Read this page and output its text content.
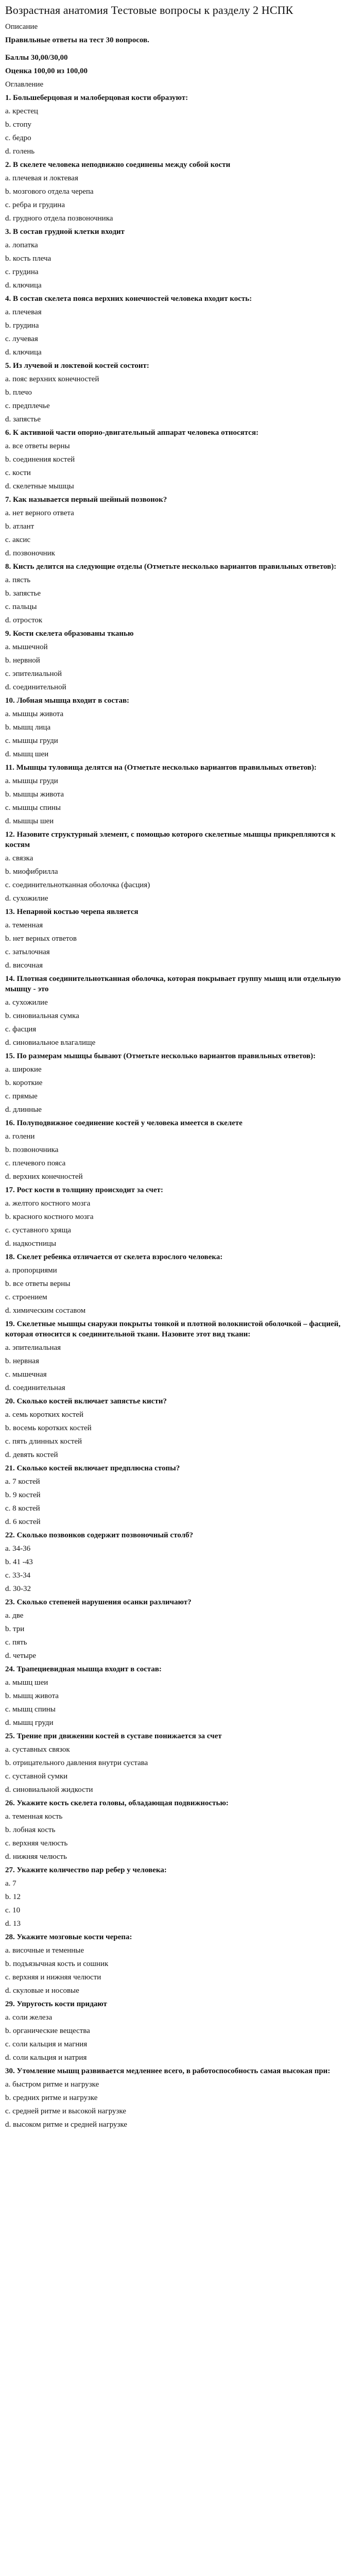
Возрастная анатомия Тестовые вопросы к разделу 2 НСПК

Описание

Правильные ответы на тест 30 вопросов.

Баллы 30,00/30,00

Оценка 100,00 из 100,00

Оглавление

1. Большеберцовая и малоберцовая кости образуют:

a. крестец

b. стопу

c. бедро

d. голень

2. В скелете человека неподвижно соединены между собой кости

a. плечевая и локтевая

b. мозгового отдела черепа

c. ребра и грудина

d. грудного отдела позвоночника

3. В состав грудной клетки входит

a. лопатка

b. кость плеча

c. грудина

d. ключица

4. В состав скелета пояса верхних конечностей человека входит кость:

a. плечевая

b. грудина

c. лучевая

d. ключица

5. Из лучевой и локтевой костей состоит:

a. пояс верхних конечностей

b. плечо

c. предплечье

d. запястье

6. К активной части опорно-двигательный аппарат человека относятся:

a. все ответы верны

b. соединения костей

c. кости

d. скелетные мышцы

7. Как называется первый шейный позвонок?

a. нет верного ответа

b. атлант

c. аксис

d. позвоночник

8. Кисть делится на следующие отделы (Отметьте несколько вариантов правильных ответов):

a. пясть

b. запястье

c. пальцы

d. отросток

9. Кости скелета образованы тканью

a. мышечной

b. нервной

c. эпителиальной

d. соединительной

10. Лобная мышца входит в состав:

a. мышцы живота

b. мышц лица

c. мышцы груди

d. мышц шеи

11. Мышцы туловища делятся на (Отметьте несколько вариантов правильных ответов):

a. мышцы груди

b. мышцы живота

c. мышцы спины

d. мышцы шеи

12. Назовите структурный элемент, с помощью которого скелетные мышцы прикрепляются к костям

a. связка

b. миофибрилла

c. соединительнотканная оболочка (фасция)

d. сухожилие

13. Непарной костью черепа является

a. теменная

b. нет верных ответов

c. затылочная

d. височная

14. Плотная соединительнотканная оболочка, которая покрывает группу мышц или отдельную мышцу - это

a. сухожилие

b. синовиальная сумка

c. фасция

d. синовиальное влагалище

15. По размерам мышцы бывают (Отметьте несколько вариантов правильных ответов):

a. широкие

b. короткие

c. прямые

d. длинные

16. Полуподвижное соединение костей у человека имеется в скелете

a. голени

b. позвоночника

c. плечевого пояса

d. верхних конечностей

17. Рост кости в толщину происходит за счет:

a. желтого костного мозга

b. красного костного мозга

c. суставного хряща

d. надкостницы

18. Скелет ребенка отличается от скелета взрослого человека:

a. пропорциями

b. все ответы верны

c. строением

d. химическим составом

19. Скелетные мышцы снаружи покрыты тонкой и плотной волокнистой оболочкой – фасцией, которая относится к соединительной ткани. Назовите этот вид ткани:

a. эпителиальная

b. нервная

c. мышечная

d. соединительная

20. Сколько костей включает запястье кисти?

a. семь коротких костей

b. восемь коротких костей

c. пять длинных костей

d. девять костей

21. Сколько костей включает предплюсна стопы?

a. 7 костей

b. 9 костей

c. 8 костей

d. 6 костей

22. Сколько позвонков содержит позвоночный столб?

a. 34-36

b. 41 -43

c. 33-34

d. 30-32

23. Сколько степеней нарушения осанки различают?

a. две

b. три

c. пять

d. четыре

24. Трапециевидная мышца входит в состав:

a. мышц шеи

b. мышц живота

c. мышц спины

d. мышц груди

25. Трение при движении костей в суставе понижается за счет

a. суставных связок

b. отрицательного давления внутри сустава

c. суставной сумки

d. синовиальной жидкости

26. Укажите кость скелета головы, обладающая подвижностью:

a. теменная кость

b. лобная кость

c. верхняя челюсть

d. нижняя челюсть

27. Укажите количество пар ребер у человека:

a. 7

b. 12

c. 10

d. 13

28. Укажите мозговые кости черепа:

a. височные и теменные

b. подъязычная кость и сошник

c. верхняя и нижняя челюсти

d. скуловые и носовые

29. Упругость кости придают

a. соли железа

b. органические вещества

c. соли кальция и магния

d. соли кальция и натрия

30. Утомление мышц развивается медленнее всего, в работоспособность самая высокая при:

a. быстром ритме и нагрузке

b. средних ритме и нагрузке

c. средней ритме и высокой нагрузке

d. высоком ритме и средней нагрузке
